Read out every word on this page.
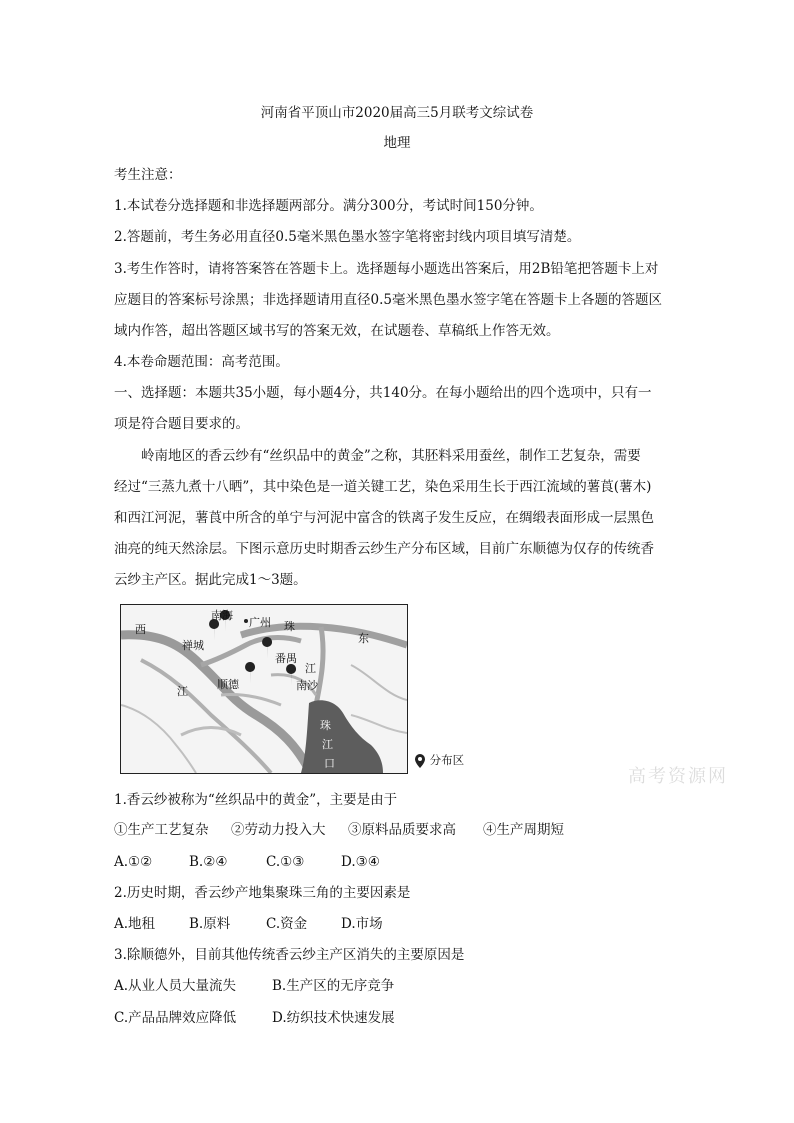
河南省平顶山市2020届高三5月联考文综试卷
地理
考生注意：
1.本试卷分选择题和非选择题两部分。满分300分，考试时间150分钟。
2.答题前，考生务必用直径0.5毫米黑色墨水签字笔将密封线内项目填写清楚。
3.考生作答时，请将答案答在答题卡上。选择题每小题选出答案后，用2B铅笔把答题卡上对
应题目的答案标号涂黑；非选择题请用直径0.5毫米黑色墨水签字笔在答题卡上各题的答题区
域内作答，超出答题区域书写的答案无效，在试题卷、草稿纸上作答无效。
4.本卷命题范围：高考范围。
一、选择题：本题共35小题，每小题4分，共140分。在每小题给出的四个选项中，只有一
项是符合题目要求的。
岭南地区的香云纱有“丝织品中的黄金”之称，其胚料采用蚕丝，制作工艺复杂，需要
经过“三蒸九煮十八晒”，其中染色是一道关键工艺，染色采用生长于西江流域的薯莨(薯木)
和西江河泥，薯莨中所含的单宁与河泥中富含的铁离子发生反应，在绸缎表面形成一层黑色
油亮的纯天然涂层。下图示意历史时期香云纱生产分布区域，目前广东顺德为仅存的传统香
云纱主产区。据此完成1～3题。
西
江
南海
广州 珠
东
禅城
番禺
江
顺德	南沙
珠
江
口	分布区
高考资源网
1.香云纱被称为“丝织品中的黄金”，主要是由于
①生产工艺复杂 ②劳动力投入大 ③原料品质要求高 ④生产周期短
A.①②	B.②④	C.①③	D.③④
2.历史时期，香云纱产地集聚珠三角的主要因素是
A.地租	B.原料	C.资金	D.市场
3.除顺德外，目前其他传统香云纱主产区消失的主要原因是
A.从业人员大量流失	B.生产区的无序竞争
C.产品品牌效应降低	D.纺织技术快速发展
